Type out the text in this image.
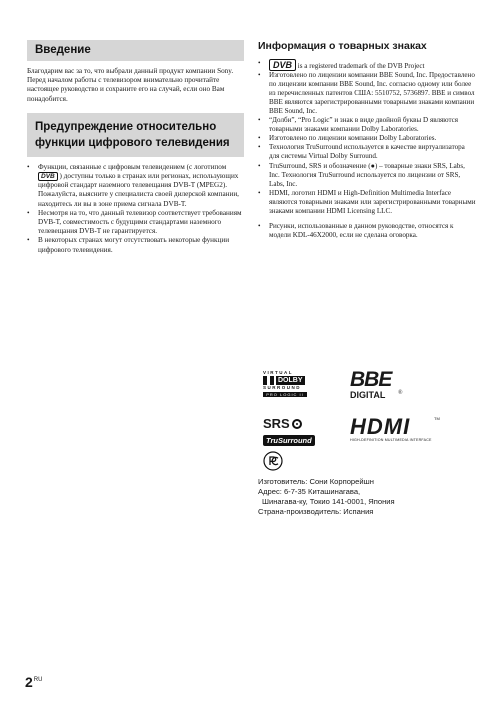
Введение

Благодарим вас за то, что выбрали данный продукт компании Sony.

Перед началом работы с телевизором внимательно прочитайте настоящее руководство и сохраните его на случай, если оно Вам понадобится.

Предупреждение относительно функции цифрового телевидения
• Функции, связанные с цифровым телевидением (с логотипом DVB ) доступны только в странах или регионах, использующих цифровой стандарт наземного телевещания DVB-T (MPEG2). Пожалуйста, выясните у специалиста своей дилерской компании, находитесь ли вы в зоне приема сигнала DVB-T.
• Несмотря на то, что данный телевизор соответствует требованиям DVB-T, совместимость с будущими стандартами наземного телевещания DVB-T не гарантируется.
• В некоторых странах могут отсутствовать некоторые функции цифрового телевидения.
Информация о товарных знаках
• DVB is a registered trademark of the DVB Project
• Изготовлено по лицензии компании BBE Sound, Inc. Предоставлено по лицензии компании BBE Sound, Inc. согласно одному или более из перечисленных патентов США: 5510752, 5736897. BBE и символ BBE являются зарегистрированными товарными знаками компании BBE Sound, Inc.
• “Долби”, “Pro Logic” и знак в виде двойной буквы D являются товарными знаками компании Dolby Laboratories.
• Изготовлено по лицензии компании Dolby Laboratories.
• Технология TruSurround используется в качестве виртуализатора для системы Virtual Dolby Surround.
• TruSurround, SRS и обозначение (●) – товарные знаки SRS, Labs, Inc. Технология TruSurround используется по лицензии от SRS, Labs, Inc.
• HDMI, логотип HDMI и High-Definition Multimedia Interface являются товарными знаками или зарегистрированными товарными знаками компании HDMI Licensing LLC.
• Рисунки, использованные в данном руководстве, относятся к модели KDL-46X2000, если не сделана оговорка.
VIRTUAL
DOLBY
SURROUND
PRO LOGIC II
BBE
DIGITAL	®
SRS
TruSurround
HDMI	TM
HIGH-DEFINITION MULTIMEDIA INTERFACE
Изготовитель: Сони Корпорейшн
Адрес: 6-7-35 Киташинагава,
Шинагава-ку, Токио 141-0001, Япония
Страна-производитель: Испания
$2^{RU}$
